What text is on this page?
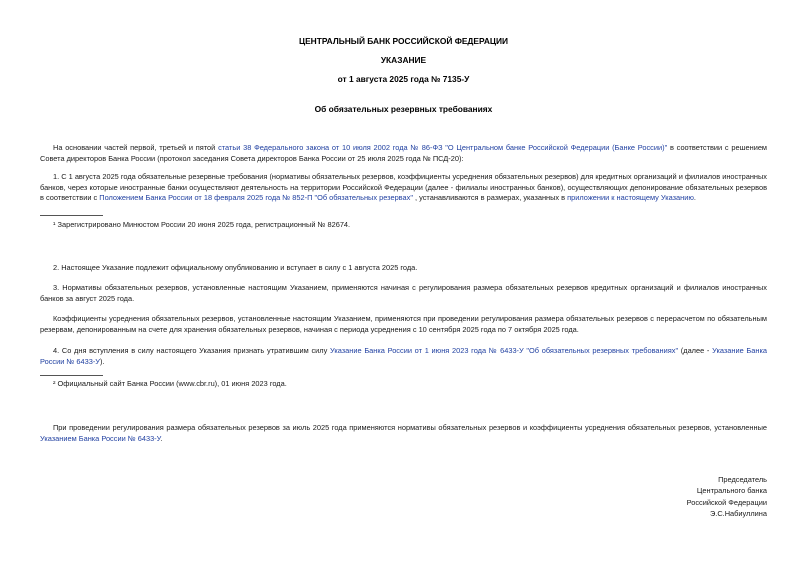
ЦЕНТРАЛЬНЫЙ БАНК РОССИЙСКОЙ ФЕДЕРАЦИИ
УКАЗАНИЕ
от 1 августа 2025 года № 7135-У
Об обязательных резервных требованиях
На основании частей первой, третьей и пятой статьи 38 Федерального закона от 10 июля 2002 года № 86-ФЗ "О Центральном банке Российской Федерации (Банке России)" в соответствии с решением Совета директоров Банка России (протокол заседания Совета директоров Банка России от 25 июля 2025 года № ПСД-20):
1. С 1 августа 2025 года обязательные резервные требования (нормативы обязательных резервов, коэффициенты усреднения обязательных резервов) для кредитных организаций и филиалов иностранных банков, через которые иностранные банки осуществляют деятельность на территории Российской Федерации (далее - филиалы иностранных банков), осуществляющих депонирование обязательных резервов в соответствии с Положением Банка России от 18 февраля 2025 года № 852-П "Об обязательных резервах" , устанавливаются в размерах, указанных в приложении к настоящему Указанию.
¹ Зарегистрировано Минюстом России 20 июня 2025 года, регистрационный № 82674.
2. Настоящее Указание подлежит официальному опубликованию и вступает в силу с 1 августа 2025 года.
3. Нормативы обязательных резервов, установленные настоящим Указанием, применяются начиная с регулирования размера обязательных резервов кредитных организаций и филиалов иностранных банков за август 2025 года.
Коэффициенты усреднения обязательных резервов, установленные настоящим Указанием, применяются при проведении регулирования размера обязательных резервов с перерасчетом по обязательным резервам, депонированным на счете для хранения обязательных резервов, начиная с периода усреднения с 10 сентября 2025 года по 7 октября 2025 года.
4. Со дня вступления в силу настоящего Указания признать утратившим силу Указание Банка России от 1 июня 2023 года № 6433-У "Об обязательных резервных требованиях" (далее - Указание Банка России № 6433-У).
² Официальный сайт Банка России (www.cbr.ru), 01 июня 2023 года.
При проведении регулирования размера обязательных резервов за июль 2025 года применяются нормативы обязательных резервов и коэффициенты усреднения обязательных резервов, установленные Указанием Банка России № 6433-У.
Председатель
Центрального банка
Российской Федерации
Э.С.Набиуллина
